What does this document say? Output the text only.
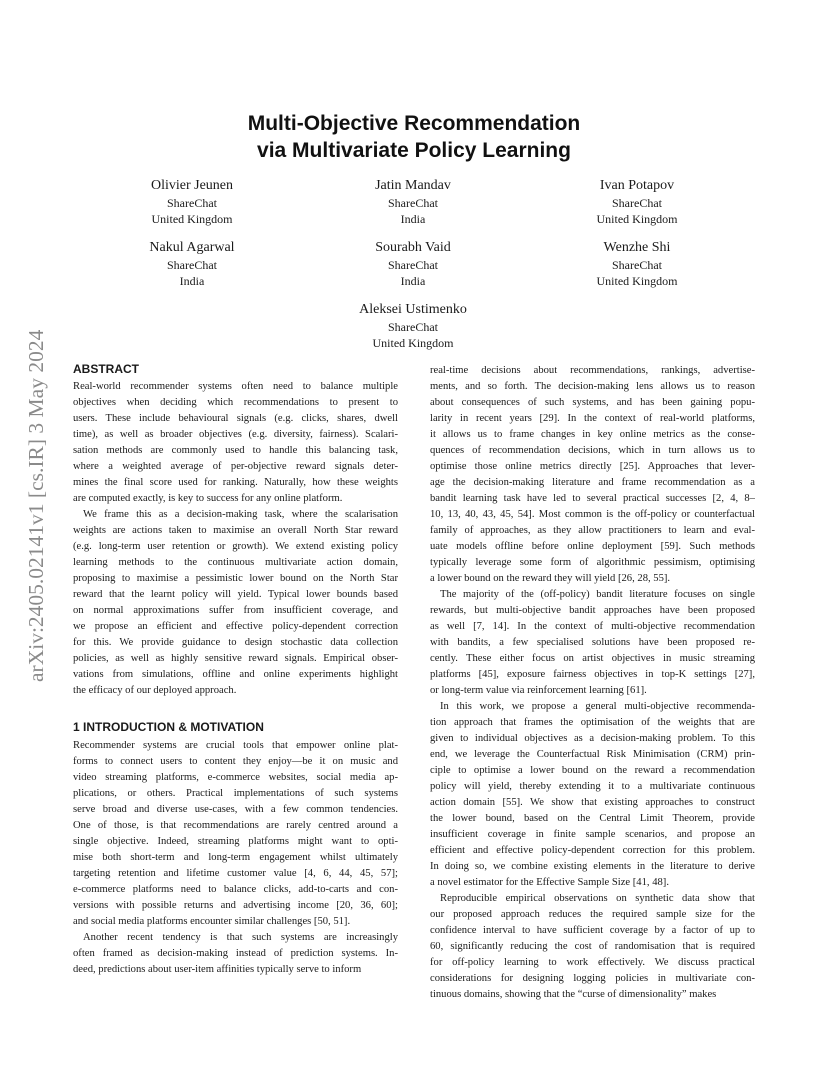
arXiv:2405.02141v1 [cs.IR] 3 May 2024
Multi-Objective Recommendation
via Multivariate Policy Learning
Olivier Jeunen
ShareChat
United Kingdom
Jatin Mandav
ShareChat
India
Ivan Potapov
ShareChat
United Kingdom
Nakul Agarwal
ShareChat
India
Sourabh Vaid
ShareChat
India
Wenzhe Shi
ShareChat
United Kingdom
Aleksei Ustimenko
ShareChat
United Kingdom
ABSTRACT
Real-world recommender systems often need to balance multiple
objectives when deciding which recommendations to present to
users. These include behavioural signals (e.g. clicks, shares, dwell
time), as well as broader objectives (e.g. diversity, fairness). Scalari-
sation methods are commonly used to handle this balancing task,
where a weighted average of per-objective reward signals deter-
mines the final score used for ranking. Naturally, how these weights
are computed exactly, is key to success for any online platform.
We frame this as a decision-making task, where the scalarisation
weights are actions taken to maximise an overall North Star reward
(e.g. long-term user retention or growth). We extend existing policy
learning methods to the continuous multivariate action domain,
proposing to maximise a pessimistic lower bound on the North Star
reward that the learnt policy will yield. Typical lower bounds based
on normal approximations suffer from insufficient coverage, and
we propose an efficient and effective policy-dependent correction
for this. We provide guidance to design stochastic data collection
policies, as well as highly sensitive reward signals. Empirical obser-
vations from simulations, offline and online experiments highlight
the efficacy of our deployed approach.
1 INTRODUCTION & MOTIVATION
Recommender systems are crucial tools that empower online plat-
forms to connect users to content they enjoy—be it on music and
video streaming platforms, e-commerce websites, social media ap-
plications, or others. Practical implementations of such systems
serve broad and diverse use-cases, with a few common tendencies.
One of those, is that recommendations are rarely centred around a
single objective. Indeed, streaming platforms might want to opti-
mise both short-term and long-term engagement whilst ultimately
targeting retention and lifetime customer value [4, 6, 44, 45, 57];
e-commerce platforms need to balance clicks, add-to-carts and con-
versions with possible returns and advertising income [20, 36, 60];
and social media platforms encounter similar challenges [50, 51].
Another recent tendency is that such systems are increasingly
often framed as decision-making instead of prediction systems. In-
deed, predictions about user-item affinities typically serve to inform
real-time decisions about recommendations, rankings, advertise-
ments, and so forth. The decision-making lens allows us to reason
about consequences of such systems, and has been gaining popu-
larity in recent years [29]. In the context of real-world platforms,
it allows us to frame changes in key online metrics as the conse-
quences of recommendation decisions, which in turn allows us to
optimise those online metrics directly [25]. Approaches that lever-
age the decision-making literature and frame recommendation as a
bandit learning task have led to several practical successes [2, 4, 8–
10, 13, 40, 43, 45, 54]. Most common is the off-policy or counterfactual
family of approaches, as they allow practitioners to learn and eval-
uate models offline before online deployment [59]. Such methods
typically leverage some form of algorithmic pessimism, optimising
a lower bound on the reward they will yield [26, 28, 55].
The majority of the (off-policy) bandit literature focuses on single
rewards, but multi-objective bandit approaches have been proposed
as well [7, 14]. In the context of multi-objective recommendation
with bandits, a few specialised solutions have been proposed re-
cently. These either focus on artist objectives in music streaming
platforms [45], exposure fairness objectives in top-K settings [27],
or long-term value via reinforcement learning [61].
In this work, we propose a general multi-objective recommenda-
tion approach that frames the optimisation of the weights that are
given to individual objectives as a decision-making problem. To this
end, we leverage the Counterfactual Risk Minimisation (CRM) prin-
ciple to optimise a lower bound on the reward a recommendation
policy will yield, thereby extending it to a multivariate continuous
action domain [55]. We show that existing approaches to construct
the lower bound, based on the Central Limit Theorem, provide
insufficient coverage in finite sample scenarios, and propose an
efficient and effective policy-dependent correction for this problem.
In doing so, we combine existing elements in the literature to derive
a novel estimator for the Effective Sample Size [41, 48].
Reproducible empirical observations on synthetic data show that
our proposed approach reduces the required sample size for the
confidence interval to have sufficient coverage by a factor of up to
60, significantly reducing the cost of randomisation that is required
for off-policy learning to work effectively. We discuss practical
considerations for designing logging policies in multivariate con-
tinuous domains, showing that the “curse of dimensionality” makes
